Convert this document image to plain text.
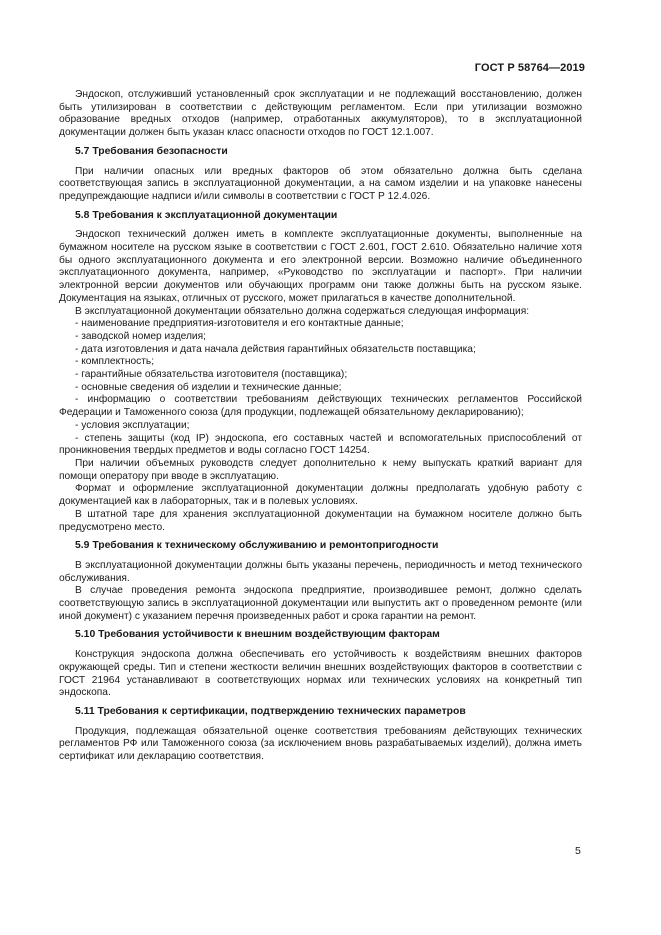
ГОСТ Р 58764—2019

Эндоскоп, отслуживший установленный срок эксплуатации и не подлежащий восстановлению, должен быть утилизирован в соответствии с действующим регламентом. Если при утилизации возможно образование вредных отходов (например, отработанных аккумуляторов), то в эксплуатационной документации должен быть указан класс опасности отходов по ГОСТ 12.1.007.

5.7 Требования безопасности

При наличии опасных или вредных факторов об этом обязательно должна быть сделана соответствующая запись в эксплуатационной документации, а на самом изделии и на упаковке нанесены предупреждающие надписи и/или символы в соответствии с ГОСТ Р 12.4.026.

5.8 Требования к эксплуатационной документации

Эндоскоп технический должен иметь в комплекте эксплуатационные документы, выполненные на бумажном носителе на русском языке в соответствии с ГОСТ 2.601, ГОСТ 2.610. Обязательно наличие хотя бы одного эксплуатационного документа и его электронной версии. Возможно наличие объединенного эксплуатационного документа, например, «Руководство по эксплуатации и паспорт». При наличии электронной версии документов или обучающих программ они также должны быть на русском языке. Документация на языках, отличных от русского, может прилагаться в качестве дополнительной.

В эксплуатационной документации обязательно должна содержаться следующая информация:

- наименование предприятия-изготовителя и его контактные данные;
- заводской номер изделия;
- дата изготовления и дата начала действия гарантийных обязательств поставщика;
- комплектность;
- гарантийные обязательства изготовителя (поставщика);
- основные сведения об изделии и технические данные;
- информацию о соответствии требованиям действующих технических регламентов Российской Федерации и Таможенного союза (для продукции, подлежащей обязательному декларированию);
- условия эксплуатации;
- степень защиты (код IP) эндоскопа, его составных частей и вспомогательных приспособлений от проникновения твердых предметов и воды согласно ГОСТ 14254.

При наличии объемных руководств следует дополнительно к нему выпускать краткий вариант для помощи оператору при вводе в эксплуатацию.

Формат и оформление эксплуатационной документации должны предполагать удобную работу с документацией как в лабораторных, так и в полевых условиях.

В штатной таре для хранения эксплуатационной документации на бумажном носителе должно быть предусмотрено место.

5.9 Требования к техническому обслуживанию и ремонтопригодности

В эксплуатационной документации должны быть указаны перечень, периодичность и метод технического обслуживания.

В случае проведения ремонта эндоскопа предприятие, производившее ремонт, должно сделать соответствующую запись в эксплуатационной документации или выпустить акт о проведенном ремонте (или иной документ) с указанием перечня произведенных работ и срока гарантии на ремонт.

5.10 Требования устойчивости к внешним воздействующим факторам

Конструкция эндоскопа должна обеспечивать его устойчивость к воздействиям внешних факторов окружающей среды. Тип и степени жесткости величин внешних воздействующих факторов в соответствии с ГОСТ 21964 устанавливают в соответствующих нормах или технических условиях на конкретный тип эндоскопа.

5.11 Требования к сертификации, подтверждению технических параметров

Продукция, подлежащая обязательной оценке соответствия требованиям действующих технических регламентов РФ или Таможенного союза (за исключением вновь разрабатываемых изделий), должна иметь сертификат или декларацию соответствия.

5
